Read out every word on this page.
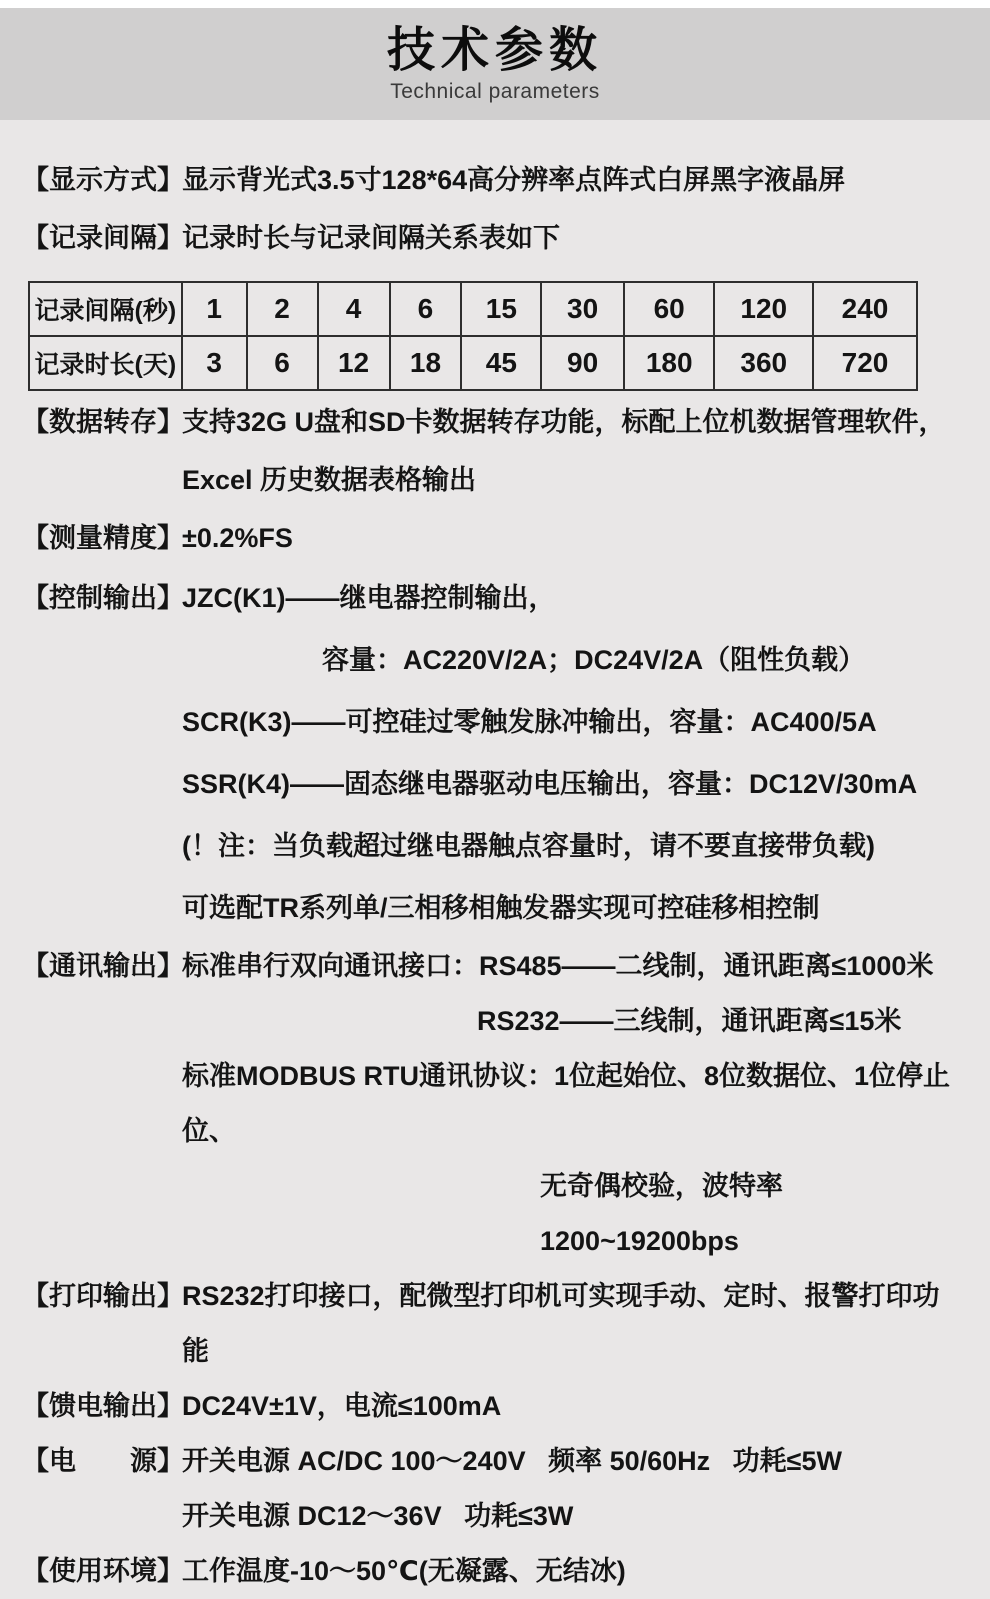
技术参数
Technical parameters
【显示方式】
显示背光式3.5寸128*64高分辨率点阵式白屏黑字液晶屏
【记录间隔】
记录时长与记录间隔关系表如下
记录间隔(秒)	1	2	4	6	15	30	60	120	240
记录时长(天)	3	6	12	18	45	90	180	360	720
【数据转存】
支持32G U盘和SD卡数据转存功能，标配上位机数据管理软件，
Excel 历史数据表格输出
【测量精度】
±0.2%FS
【控制输出】
JZC(K1)——继电器控制输出，
容量：AC220V/2A；DC24V/2A（阻性负载）
SCR(K3)——可控硅过零触发脉冲输出，容量：AC400/5A
SSR(K4)——固态继电器驱动电压输出，容量：DC12V/30mA
(！注：当负载超过继电器触点容量时，请不要直接带负载)
可选配TR系列单/三相移相触发器实现可控硅移相控制
【通讯输出】
标准串行双向通讯接口：RS485——二线制，通讯距离≤1000米
RS232——三线制，通讯距离≤15米
标准MODBUS RTU通讯协议：1位起始位、8位数据位、1位停止位、
无奇偶校验，波特率1200~19200bps
【打印输出】
RS232打印接口，配微型打印机可实现手动、定时、报警打印功能
【馈电输出】
DC24V±1V，电流≤100mA
【电　　源】
开关电源 AC/DC 100～240V   频率 50/60Hz   功耗≤5W
开关电源 DC12～36V   功耗≤3W
【使用环境】
工作温度-10～50℃(无凝露、无结冰)
